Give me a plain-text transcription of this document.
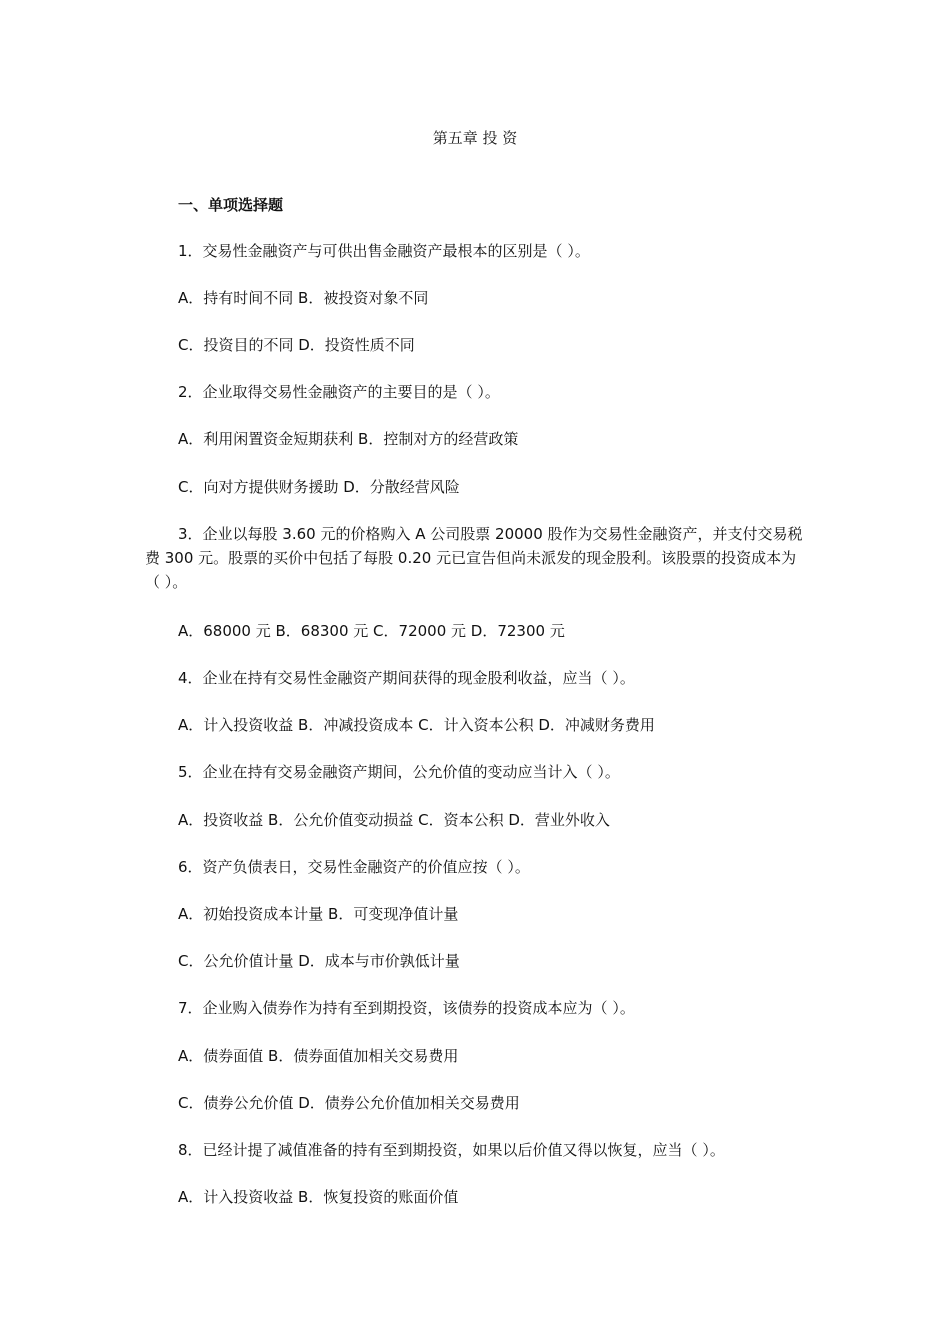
第五章 投 资
一、单项选择题
1．交易性金融资产与可供出售金融资产最根本的区别是（ ）。
A．持有时间不同 B．被投资对象不同
C．投资目的不同 D．投资性质不同
2．企业取得交易性金融资产的主要目的是（ ）。
A．利用闲置资金短期获利 B．控制对方的经营政策
C．向对方提供财务援助 D．分散经营风险
3．企业以每股 3.60 元的价格购入 A 公司股票 20000 股作为交易性金融资产，并支付交易税费 300 元。股票的买价中包括了每股 0.20 元已宣告但尚未派发的现金股利。该股票的投资成本为（ ）。
A．68000 元 B．68300 元 C．72000 元 D．72300 元
4．企业在持有交易性金融资产期间获得的现金股利收益，应当（ ）。
A．计入投资收益 B．冲减投资成本 C．计入资本公积 D．冲减财务费用
5．企业在持有交易金融资产期间，公允价值的变动应当计入（ ）。
A．投资收益 B．公允价值变动损益 C．资本公积 D．营业外收入
6．资产负债表日，交易性金融资产的价值应按（ ）。
A．初始投资成本计量 B．可变现净值计量
C．公允价值计量 D．成本与市价孰低计量
7．企业购入债券作为持有至到期投资，该债券的投资成本应为（ ）。
A．债券面值 B．债券面值加相关交易费用
C．债券公允价值 D．债券公允价值加相关交易费用
8．已经计提了减值准备的持有至到期投资，如果以后价值又得以恢复，应当（ ）。
A．计入投资收益 B．恢复投资的账面价值
